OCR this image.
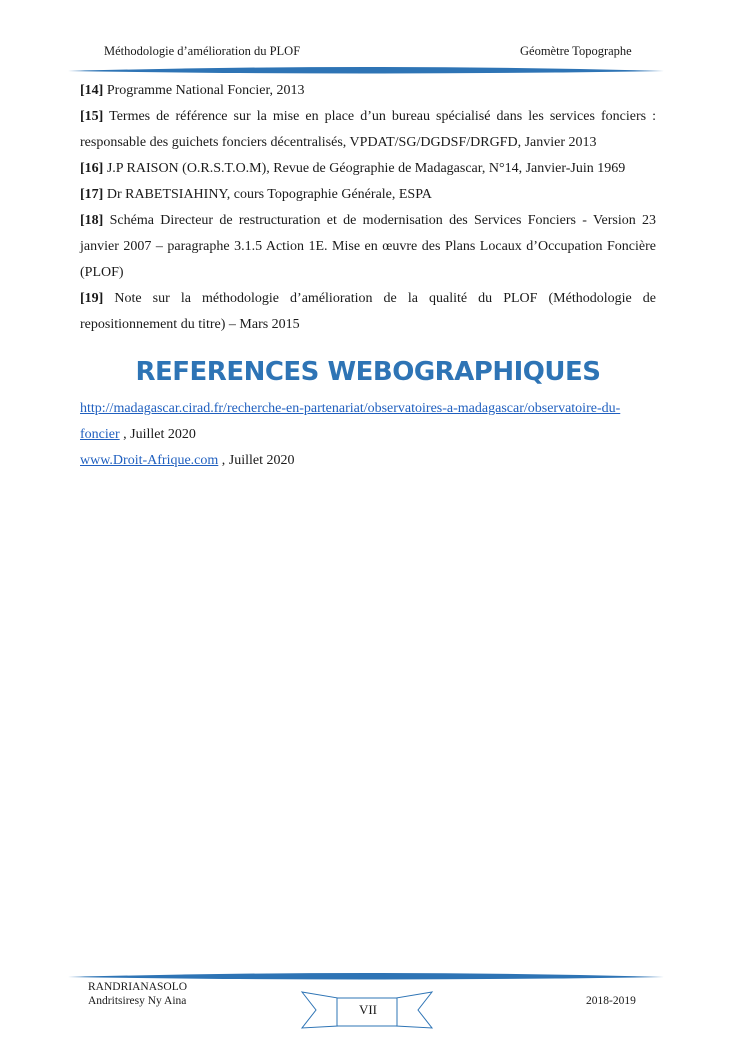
Méthodologie d’amélioration du PLOF	Géomètre Topographe

[14] Programme National Foncier, 2013

[15] Termes de référence sur la mise en place d’un bureau spécialisé dans les services fonciers : responsable des guichets fonciers décentralisés, VPDAT/SG/DGDSF/DRGFD, Janvier 2013

[16] J.P RAISON (O.R.S.T.O.M), Revue de Géographie de Madagascar, N°14, Janvier-Juin 1969

[17] Dr RABETSIAHINY, cours Topographie Générale, ESPA

[18] Schéma Directeur de restructuration et de modernisation des Services Fonciers - Version 23 janvier 2007 – paragraphe 3.1.5 Action 1E. Mise en œuvre des Plans Locaux d’Occupation Foncière (PLOF)

[19] Note sur la méthodologie d’amélioration de la qualité du PLOF (Méthodologie de repositionnement du titre) – Mars 2015

REFERENCES WEBOGRAPHIQUES

http://madagascar.cirad.fr/recherche-en-partenariat/observatoires-a-madagascar/observatoire-du-foncier , Juillet 2020

www.Droit-Afrique.com , Juillet 2020

RANDRIANASOLO
Andritsiresy Ny Aina
VII
2018-2019
